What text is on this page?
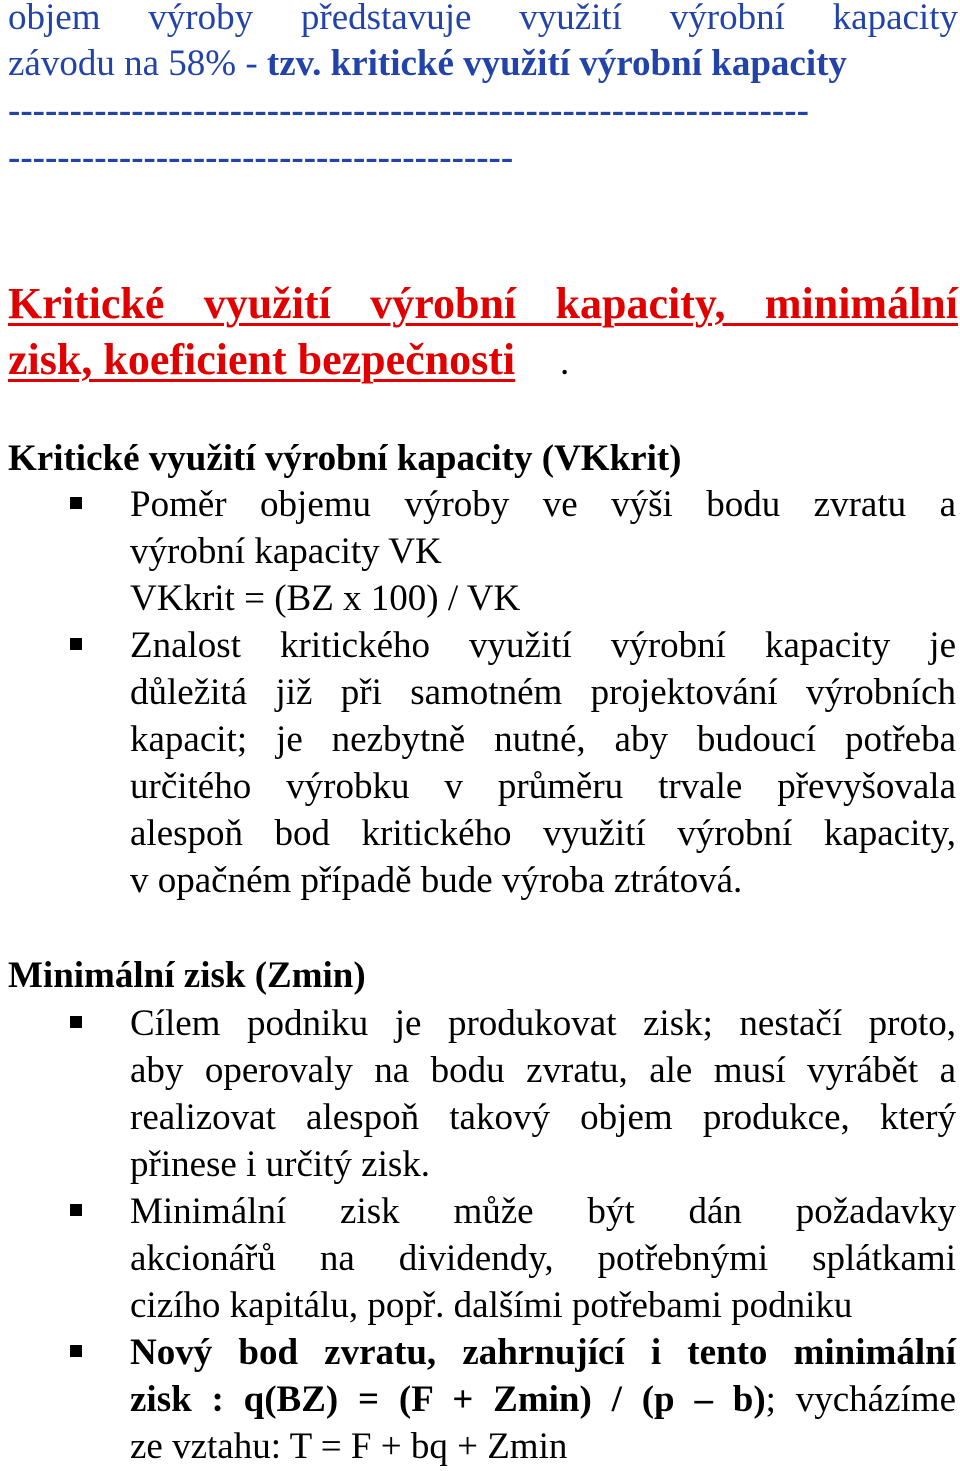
objem výroby představuje využití výrobní kapacity
závodu na 58% - tzv. kritické využití výrobní kapacity
-----------------------------------------------------------------
-----------------------------------------
Kritické využití výrobní kapacity, minimální
zisk, koeficient bezpečnosti .
Kritické využití výrobní kapacity (VKkrit)
Poměr objemu výroby ve výši bodu zvratu a
výrobní kapacity VK
VKkrit = (BZ x 100) / VK
Znalost kritického využití výrobní kapacity je
důležitá již při samotném projektování výrobních
kapacit; je nezbytně nutné, aby budoucí potřeba
určitého výrobku v průměru trvale převyšovala
alespoň bod kritického využití výrobní kapacity,
v opačném případě bude výroba ztrátová.
Minimální zisk (Zmin)
Cílem podniku je produkovat zisk; nestačí proto,
aby operovaly na bodu zvratu, ale musí vyrábět a
realizovat alespoň takový objem produkce, který
přinese i určitý zisk.
Minimální zisk může být dán požadavky
akcionářů na dividendy, potřebnými splátkami
cizího kapitálu, popř. dalšími potřebami podniku
Nový bod zvratu, zahrnující i tento minimální
zisk : q(BZ) = (F + Zmin) / (p – b); vycházíme
ze vztahu: T = F + bq + Zmin
